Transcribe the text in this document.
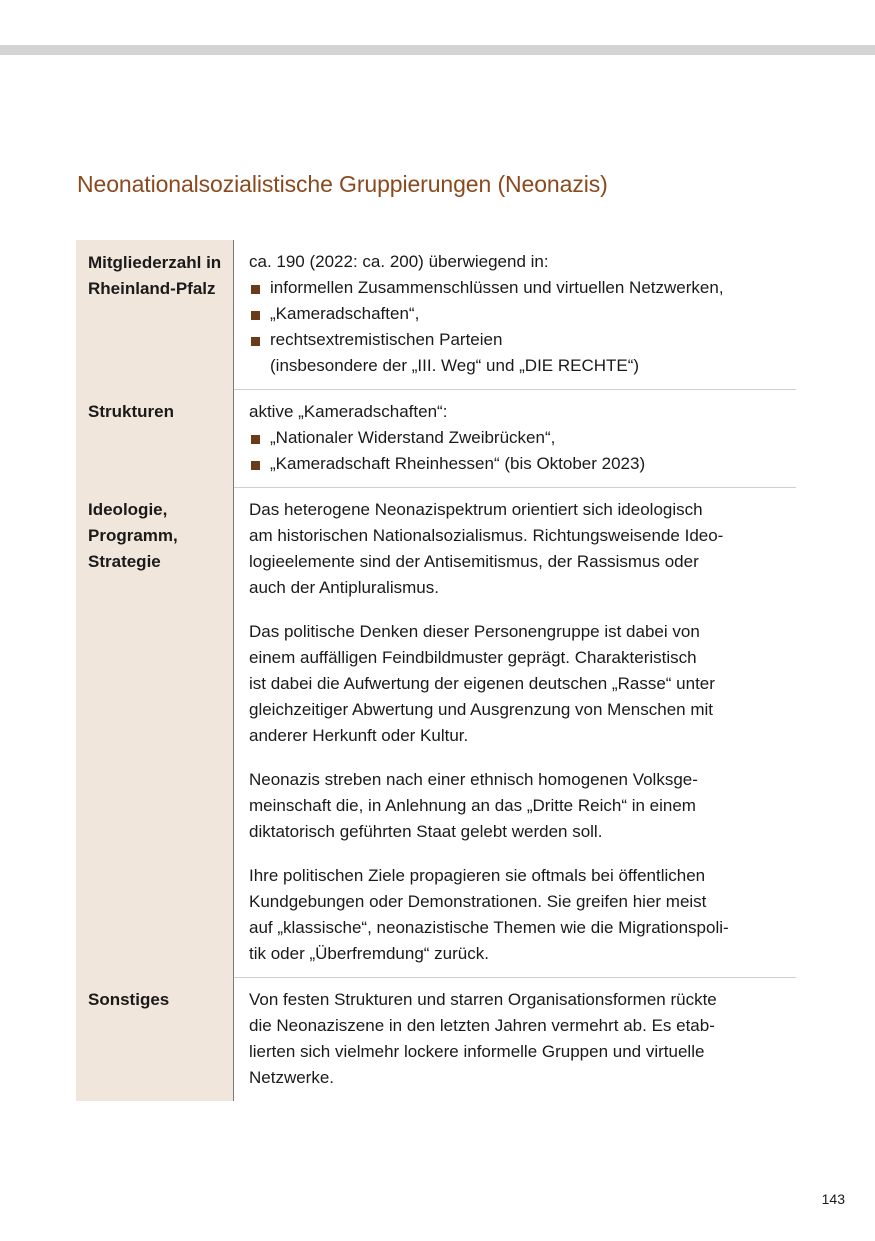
Neonationalsozialistische Gruppierungen (Neonazis)
Mitgliederzahl in
Rheinland-Pfalz
ca. 190 (2022: ca. 200) überwiegend in:
informellen Zusammenschlüssen und virtuellen Netzwerken,
„Kameradschaften“,
rechtsextremistischen Parteien
(insbesondere der „III. Weg“ und „DIE RECHTE“)
Strukturen	aktive „Kameradschaften“:
„Nationaler Widerstand Zweibrücken“,
„Kameradschaft Rheinhessen“ (bis Oktober 2023)
Ideologie,
Programm,
Strategie

Das heterogene Neonazispektrum orientiert sich ideologisch
am historischen Nationalsozialismus. Richtungsweisende Ideo-
logieelemente sind der Antisemitismus, der Rassismus oder
auch der Antipluralismus.

Das politische Denken dieser Personengruppe ist dabei von
einem auffälligen Feindbildmuster geprägt. Charakteristisch
ist dabei die Aufwertung der eigenen deutschen „Rasse“ unter
gleichzeitiger Abwertung und Ausgrenzung von Menschen mit
anderer Herkunft oder Kultur.

Neonazis streben nach einer ethnisch homogenen Volksge-
meinschaft die, in Anlehnung an das „Dritte Reich“ in einem
diktatorisch geführten Staat gelebt werden soll.

Ihre politischen Ziele propagieren sie oftmals bei öffentlichen
Kundgebungen oder Demonstrationen. Sie greifen hier meist
auf „klassische“, neonazistische Themen wie die Migrationspoli-
tik oder „Überfremdung“ zurück.

Sonstiges	Von festen Strukturen und starren Organisationsformen rückte
die Neonaziszene in den letzten Jahren vermehrt ab. Es etab-
lierten sich vielmehr lockere informelle Gruppen und virtuelle
Netzwerke.

143
